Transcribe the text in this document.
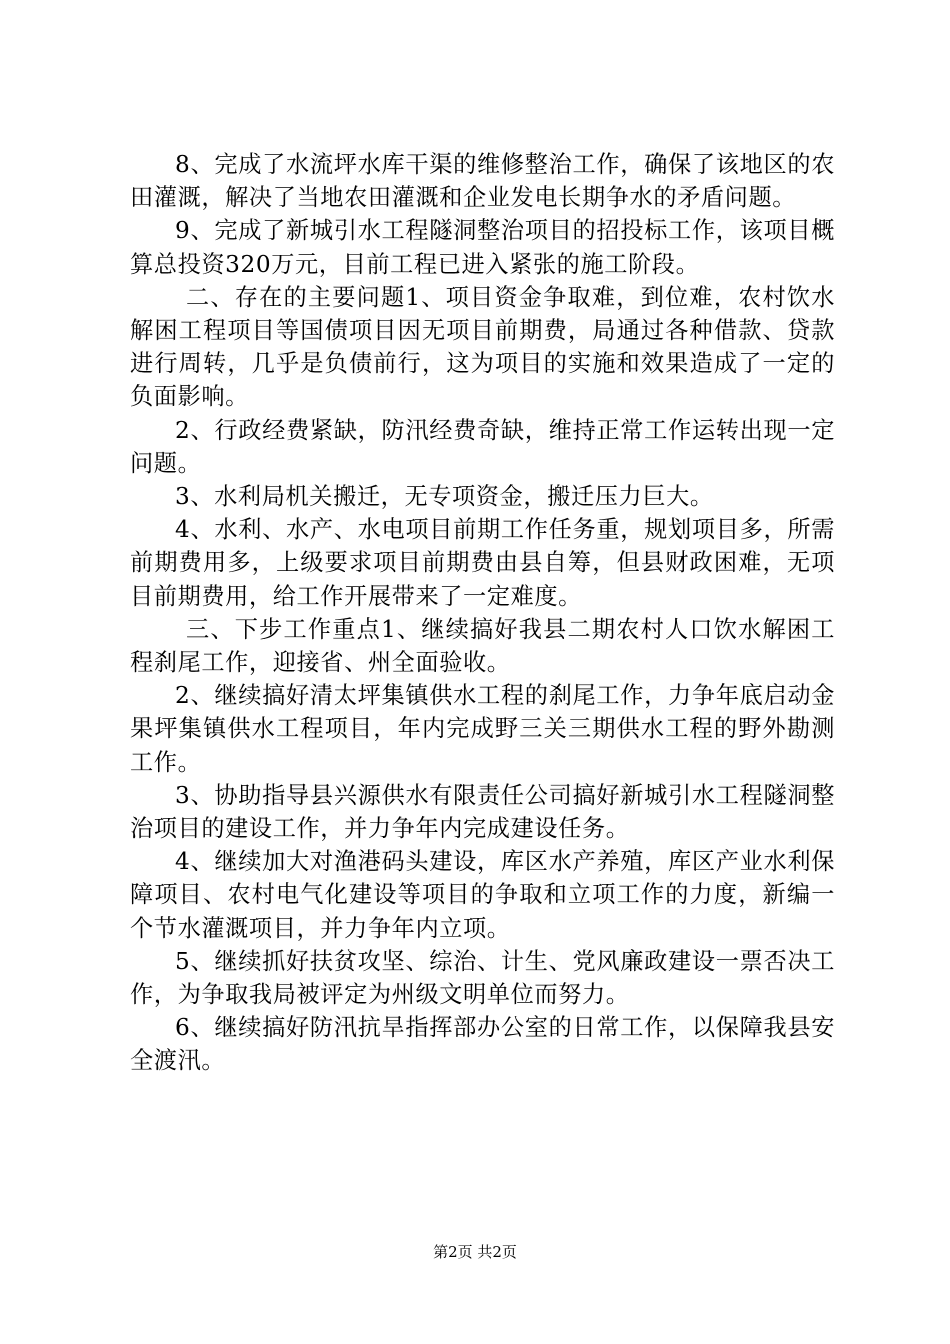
8、完成了水流坪水库干渠的维修整治工作，确保了该地区的农田灌溉，解决了当地农田灌溉和企业发电长期争水的矛盾问题。

9、完成了新城引水工程隧洞整治项目的招投标工作，该项目概算总投资320万元，目前工程已进入紧张的施工阶段。

二、存在的主要问题1、项目资金争取难，到位难，农村饮水解困工程项目等国债项目因无项目前期费，局通过各种借款、贷款进行周转，几乎是负债前行，这为项目的实施和效果造成了一定的负面影响。

2、行政经费紧缺，防汛经费奇缺，维持正常工作运转出现一定问题。

3、水利局机关搬迁，无专项资金，搬迁压力巨大。

4、水利、水产、水电项目前期工作任务重，规划项目多，所需前期费用多，上级要求项目前期费由县自筹，但县财政困难，无项目前期费用，给工作开展带来了一定难度。

三、下步工作重点1、继续搞好我县二期农村人口饮水解困工程刹尾工作，迎接省、州全面验收。

2、继续搞好清太坪集镇供水工程的刹尾工作，力争年底启动金果坪集镇供水工程项目，年内完成野三关三期供水工程的野外勘测工作。

3、协助指导县兴源供水有限责任公司搞好新城引水工程隧洞整治项目的建设工作，并力争年内完成建设任务。

4、继续加大对渔港码头建设，库区水产养殖，库区产业水利保障项目、农村电气化建设等项目的争取和立项工作的力度，新编一个节水灌溉项目，并力争年内立项。

5、继续抓好扶贫攻坚、综治、计生、党风廉政建设一票否决工作，为争取我局被评定为州级文明单位而努力。

6、继续搞好防汛抗旱指挥部办公室的日常工作，以保障我县安全渡汛。

第2页 共2页
